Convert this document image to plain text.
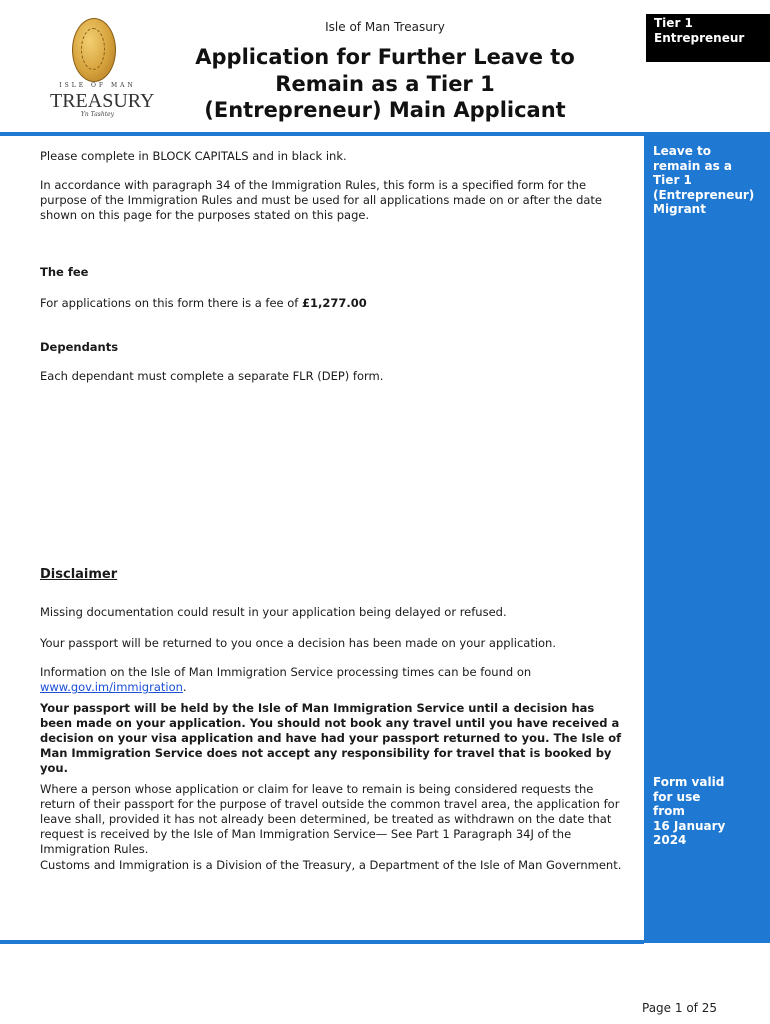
ISLE OF MAN
TREASURY
Yn Tashtey
Isle of Man Treasury
Application for Further Leave to
Remain as a Tier 1
(Entrepreneur) Main Applicant
Tier 1
Entrepreneur
Leave to
remain as a
Tier 1
(Entrepreneur)
Migrant
Form valid
for use
from
16 January
2024
Please complete in BLOCK CAPITALS and in black ink.
In accordance with paragraph 34 of the Immigration Rules, this form is a specified form for the purpose of the Immigration Rules and must be used for all applications made on or after the date shown on this page for the purposes stated on this page.
The fee
For applications on this form there is a fee of £1,277.00
Dependants
Each dependant must complete a separate FLR (DEP) form.
Disclaimer
Missing documentation could result in your application being delayed or refused.
Your passport will be returned to you once a decision has been made on your application.
Information on the Isle of Man Immigration Service processing times can be found on
www.gov.im/immigration.
Your passport will be held by the Isle of Man Immigration Service until a decision has been made on your application. You should not book any travel until you have received a decision on your visa application and have had your passport returned to you. The Isle of Man Immigration Service does not accept any responsibility for travel that is booked by you.
Where a person whose application or claim for leave to remain is being considered requests the return of their passport for the purpose of travel outside the common travel area, the application for leave shall, provided it has not already been determined, be treated as withdrawn on the date that request is received by the Isle of Man Immigration Service— See Part 1 Paragraph 34J of the Immigration Rules.
Customs and Immigration is a Division of the Treasury, a Department of the Isle of Man Government.
Page 1 of 25
